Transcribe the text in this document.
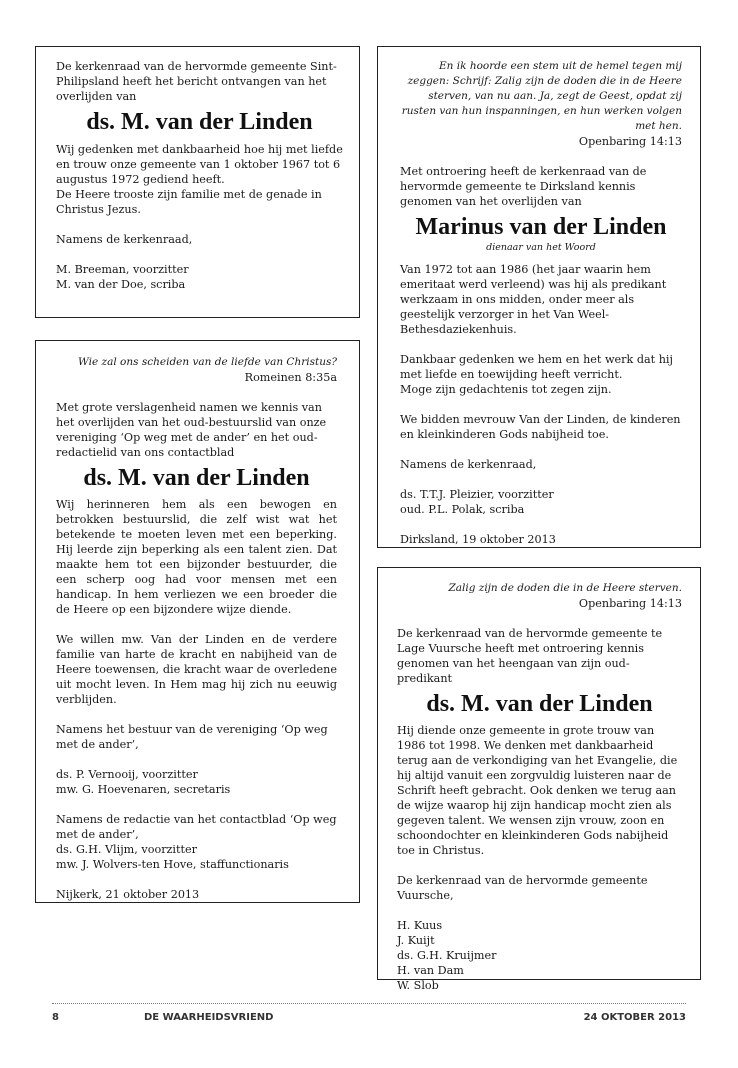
De kerkenraad van de hervormde gemeente Sint-Philipsland heeft het bericht ontvangen van het overlijden van

ds. M. van der Linden

Wij gedenken met dankbaarheid hoe hij met liefde en trouw onze gemeente van 1 oktober 1967 tot 6 augustus 1972 gediend heeft.

De Heere trooste zijn familie met de genade in Christus Jezus.

Namens de kerkenraad,

M. Breeman, voorzitter

M. van der Doe, scriba

Wie zal ons scheiden van de liefde van Christus?

Romeinen 8:35a

Met grote verslagenheid namen we kennis van het overlijden van het oud-bestuurslid van onze vereniging ‘Op weg met de ander’ en het oud-redactielid van ons contactblad

ds. M. van der Linden

Wij herinneren hem als een bewogen en betrokken bestuurslid, die zelf wist wat het betekende te moeten leven met een beperking. Hij leerde zijn beperking als een talent zien. Dat maakte hem tot een bijzonder bestuurder, die een scherp oog had voor mensen met een handicap. In hem verliezen we een broeder die de Heere op een bijzondere wijze diende.

We willen mw. Van der Linden en de verdere familie van harte de kracht en nabijheid van de Heere toewensen, die kracht waar de overledene uit mocht leven. In Hem mag hij zich nu eeuwig verblijden.

Namens het bestuur van de vereniging ‘Op weg met de ander’,

ds. P. Vernooij, voorzitter

mw. G. Hoevenaren, secretaris

Namens de redactie van het contactblad ‘Op weg met de ander’,

ds. G.H. Vlijm, voorzitter

mw. J. Wolvers-ten Hove, staffunctionaris

Nijkerk, 21 oktober 2013

En ik hoorde een stem uit de hemel tegen mij zeggen: Schrijf: Zalig zijn de doden die in de Heere sterven, van nu aan. Ja, zegt de Geest, opdat zij rusten van hun inspanningen, en hun werken volgen met hen.

Openbaring 14:13

Met ontroering heeft de kerkenraad van de hervormde gemeente te Dirksland kennis genomen van het overlijden van

Marinus van der Linden

dienaar van het Woord

Van 1972 tot aan 1986 (het jaar waarin hem emeritaat werd verleend) was hij als predikant werkzaam in ons midden, onder meer als geestelijk verzorger in het Van Weel-Bethesdaziekenhuis.

Dankbaar gedenken we hem en het werk dat hij met liefde en toewijding heeft verricht.

Moge zijn gedachtenis tot zegen zijn.

We bidden mevrouw Van der Linden, de kinderen en kleinkinderen Gods nabijheid toe.

Namens de kerkenraad,

ds. T.T.J. Pleizier, voorzitter

oud. P.L. Polak, scriba

Dirksland, 19 oktober 2013

Zalig zijn de doden die in de Heere sterven.

Openbaring 14:13

De kerkenraad van de hervormde gemeente te Lage Vuursche heeft met ontroering kennis genomen van het heengaan van zijn oud-predikant

ds. M. van der Linden

Hij diende onze gemeente in grote trouw van 1986 tot 1998. We denken met dankbaarheid terug aan de verkondiging van het Evangelie, die hij altijd vanuit een zorgvuldig luisteren naar de Schrift heeft gebracht. Ook denken we terug aan de wijze waarop hij zijn handicap mocht zien als gegeven talent. We wensen zijn vrouw, zoon en schoondochter en kleinkinderen Gods nabijheid toe in Christus.

De kerkenraad van de hervormde gemeente Vuursche,

H. Kuus

J. Kuijt

ds. G.H. Kruijmer

H. van Dam

W. Slob

8	DE WAARHEIDSVRIEND	24 OKTOBER 2013
